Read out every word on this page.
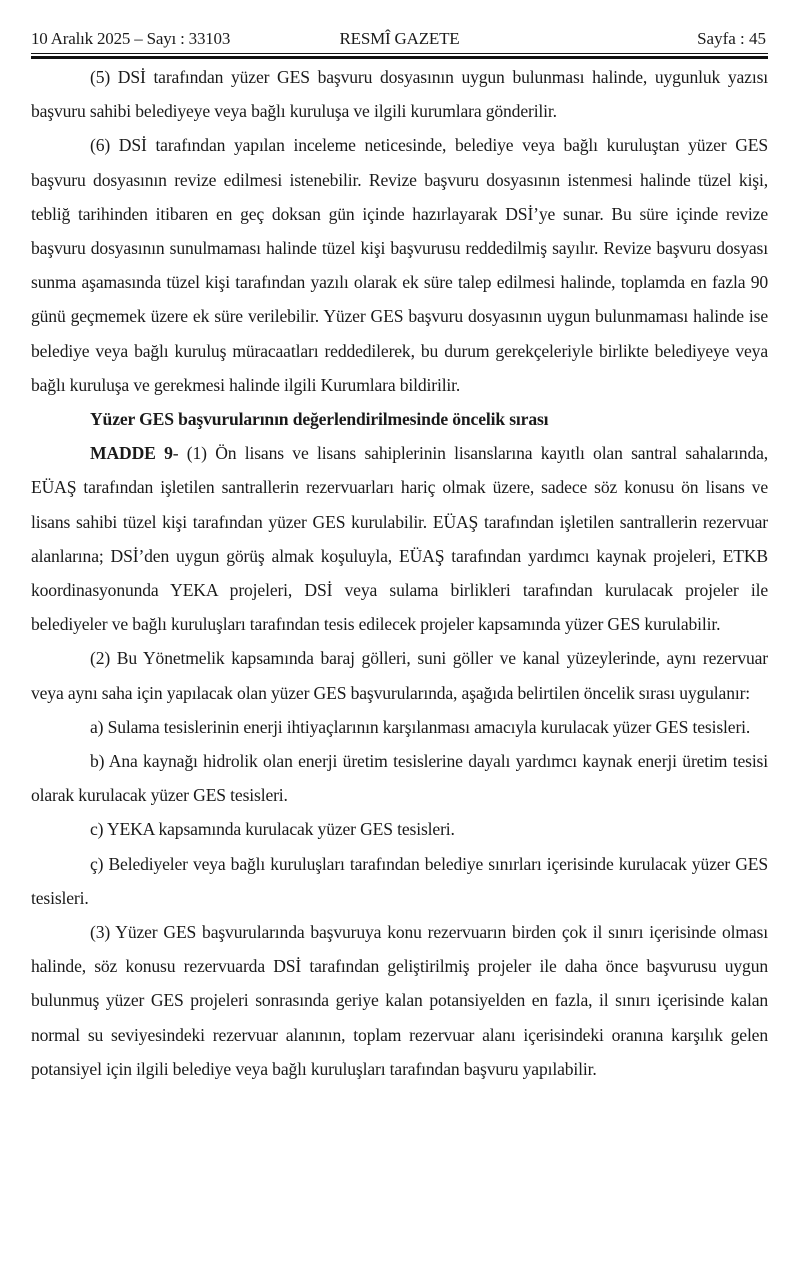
10 Aralık 2025 – Sayı : 33103	RESMÎ GAZETE	Sayfa : 45

(5) DSİ tarafından yüzer GES başvuru dosyasının uygun bulunması halinde, uygunluk yazısı başvuru sahibi belediyeye veya bağlı kuruluşa ve ilgili kurumlara gönderilir.

(6) DSİ tarafından yapılan inceleme neticesinde, belediye veya bağlı kuruluştan yüzer GES başvuru dosyasının revize edilmesi istenebilir. Revize başvuru dosyasının istenmesi halinde tüzel kişi, tebliğ tarihinden itibaren en geç doksan gün içinde hazırlayarak DSİ’ye sunar. Bu süre içinde revize başvuru dosyasının sunulmaması halinde tüzel kişi başvurusu reddedilmiş sayılır. Revize başvuru dosyası sunma aşamasında tüzel kişi tarafından yazılı olarak ek süre talep edilmesi halinde, toplamda en fazla 90 günü geçmemek üzere ek süre verilebilir. Yüzer GES başvuru dosyasının uygun bulunmaması halinde ise belediye veya bağlı kuruluş müracaatları reddedilerek, bu durum gerekçeleriyle birlikte belediyeye veya bağlı kuruluşa ve gerekmesi halinde ilgili Kurumlara bildirilir.

Yüzer GES başvurularının değerlendirilmesinde öncelik sırası

MADDE 9- (1) Ön lisans ve lisans sahiplerinin lisanslarına kayıtlı olan santral sahalarında, EÜAŞ tarafından işletilen santrallerin rezervuarları hariç olmak üzere, sadece söz konusu ön lisans ve lisans sahibi tüzel kişi tarafından yüzer GES kurulabilir. EÜAŞ tarafından işletilen santrallerin rezervuar alanlarına; DSİ’den uygun görüş almak koşuluyla, EÜAŞ tarafından yardımcı kaynak projeleri, ETKB koordinasyonunda YEKA projeleri, DSİ veya sulama birlikleri tarafından kurulacak projeler ile belediyeler ve bağlı kuruluşları tarafından tesis edilecek projeler kapsamında yüzer GES kurulabilir.

(2) Bu Yönetmelik kapsamında baraj gölleri, suni göller ve kanal yüzeylerinde, aynı rezervuar veya aynı saha için yapılacak olan yüzer GES başvurularında, aşağıda belirtilen öncelik sırası uygulanır:

a) Sulama tesislerinin enerji ihtiyaçlarının karşılanması amacıyla kurulacak yüzer GES tesisleri.

b) Ana kaynağı hidrolik olan enerji üretim tesislerine dayalı yardımcı kaynak enerji üretim tesisi olarak kurulacak yüzer GES tesisleri.

c) YEKA kapsamında kurulacak yüzer GES tesisleri.

ç) Belediyeler veya bağlı kuruluşları tarafından belediye sınırları içerisinde kurulacak yüzer GES tesisleri.

(3) Yüzer GES başvurularında başvuruya konu rezervuarın birden çok il sınırı içerisinde olması halinde, söz konusu rezervuarda DSİ tarafından geliştirilmiş projeler ile daha önce başvurusu uygun bulunmuş yüzer GES projeleri sonrasında geriye kalan potansiyelden en fazla, il sınırı içerisinde kalan normal su seviyesindeki rezervuar alanının, toplam rezervuar alanı içerisindeki oranına karşılık gelen potansiyel için ilgili belediye veya bağlı kuruluşları tarafından başvuru yapılabilir.
